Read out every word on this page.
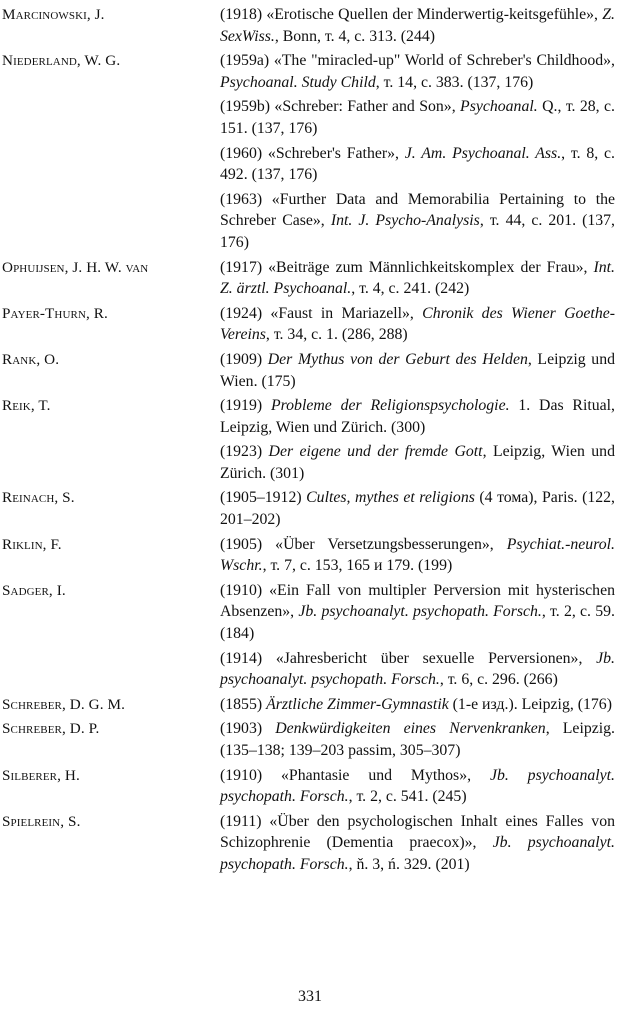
Marcinowski, J.	(1918) «Erotische Quellen der Minderwertig-keitsgefühle», Z. SexWiss., Bonn, т. 4, с. 313. (244)
Niederland, W. G.	(1959a) «The "miracled-up" World of Schreber's Childhood», Psychoanal. Study Child, т. 14, с. 383. (137, 176)
(1959b) «Schreber: Father and Son», Psychoanal. Q., т. 28, с. 151. (137, 176)
(1960) «Schreber's Father», J. Am. Psychoanal. Ass., т. 8, с. 492. (137, 176)
(1963) «Further Data and Memorabilia Pertaining to the Schreber Case», Int. J. Psycho-Analysis, т. 44, с. 201. (137, 176)
Ophuijsen, J. H. W. van	(1917) «Beiträge zum Männlichkeitskomplex der Frau», Int. Z. ärztl. Psychoanal., т. 4, с. 241. (242)
Payer-Thurn, R.	(1924) «Faust in Mariazell», Chronik des Wiener Goethe-Vereins, т. 34, с. 1. (286, 288)
Rank, O.	(1909) Der Mythus von der Geburt des Helden, Leipzig und Wien. (175)
Reik, T.	(1919) Probleme der Religionspsychologie. 1. Das Ritual, Leipzig, Wien und Zürich. (300)
(1923) Der eigene und der fremde Gott, Leipzig, Wien und Zürich. (301)
Reinach, S.	(1905–1912) Cultes, mythes et religions (4 тома), Paris. (122, 201–202)
Riklin, F.	(1905) «Über Versetzungsbesserungen», Psychiat.-neurol. Wschr., т. 7, с. 153, 165 и 179. (199)
Sadger, I.	(1910) «Ein Fall von multipler Perversion mit hysterischen Absenzen», Jb. psychoanalyt. psychopath. Forsch., т. 2, с. 59. (184)
(1914) «Jahresbericht über sexuelle Perversionen», Jb. psychoanalyt. psychopath. Forsch., т. 6, с. 296. (266)
Schreber, D. G. M.	(1855) Ärztliche Zimmer-Gymnastik (1-е изд.). Leipzig, (176)
Schreber, D. P.	(1903) Denkwürdigkeiten eines Nervenkranken, Leipzig. (135–138; 139–203 passim, 305–307)
Silberer, H.	(1910) «Phantasie und Mythos», Jb. psychoanalyt. psychopath. Forsch., т. 2, с. 541. (245)
Spielrein, S.	(1911) «Über den psychologischen Inhalt eines Falles von Schizophrenie (Dementia praecox)», Jb. psychoanalyt. psychopath. Forsch., ň. 3, ń. 329. (201)
331
